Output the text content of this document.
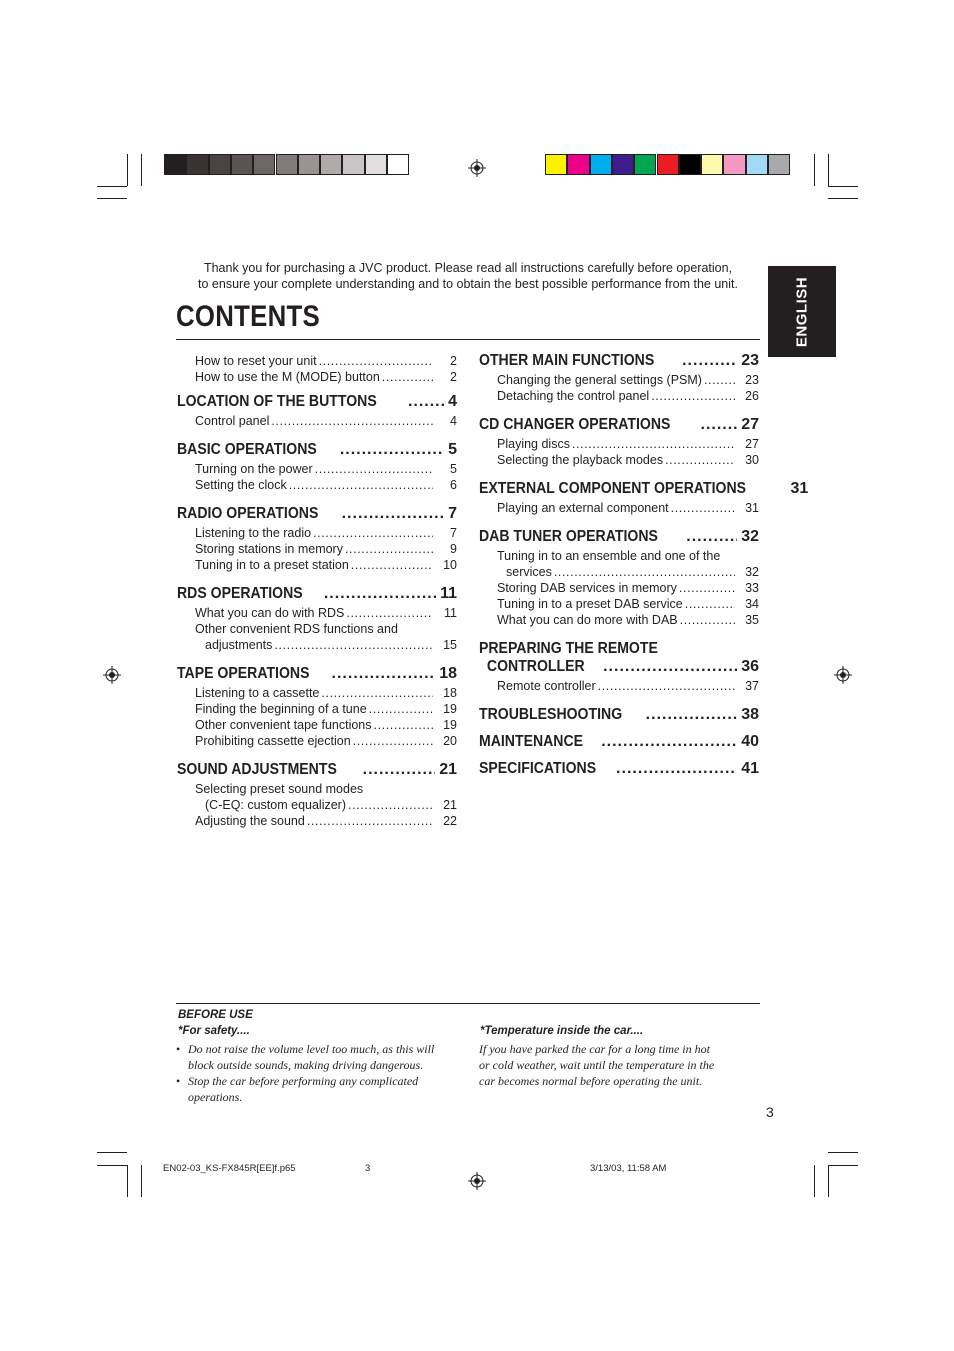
Thank you for purchasing a JVC product. Please read all instructions carefully before operation,
to ensure your complete understanding and to obtain the best possible performance from the unit.
CONTENTS	ENGLISH
How to reset your unit .....	2
How to use the M (MODE) button .....	2
LOCATION OF THE BUTTONS .....	4
Control panel .....	4
BASIC OPERATIONS .....	5
Turning on the power .....	5
Setting the clock .....	6
RADIO OPERATIONS .....	7
Listening to the radio .....	7
Storing stations in memory .....	9
Tuning in to a preset station .....	10
RDS OPERATIONS .....	11
What you can do with RDS .....	11
Other convenient RDS functions and
adjustments .....	15
TAPE OPERATIONS .....	18
Listening to a cassette .....	18
Finding the beginning of a tune .....	19
Other convenient tape functions .....	19
Prohibiting cassette ejection .....	20
SOUND ADJUSTMENTS .....	21
Selecting preset sound modes
(C-EQ: custom equalizer) .....	21
Adjusting the sound .....	22
OTHER MAIN FUNCTIONS .....	23
Changing the general settings (PSM) .....	23
Detaching the control panel .....	26
CD CHANGER OPERATIONS .....	27
Playing discs .....	27
Selecting the playback modes .....	30
EXTERNAL COMPONENT OPERATIONS	31
Playing an external component .....	31
DAB TUNER OPERATIONS .....	32
Tuning in to an ensemble and one of the
services .....	32
Storing DAB services in memory .....	33
Tuning in to a preset DAB service .....	34
What you can do more with DAB .....	35
PREPARING THE REMOTE
CONTROLLER .....	36
Remote controller .....	37
TROUBLESHOOTING .....	38
MAINTENANCE .....	40
SPECIFICATIONS .....	41
BEFORE USE
*For safety....
• Do not raise the volume level too much, as this will
block outside sounds, making driving dangerous.
• Stop the car before performing any complicated
operations.
*Temperature inside the car....
If you have parked the car for a long time in hot
or cold weather, wait until the temperature in the
car becomes normal before operating the unit.
3
EN02-03_KS-FX845R[EE]f.p65	3	3/13/03, 11:58 AM
